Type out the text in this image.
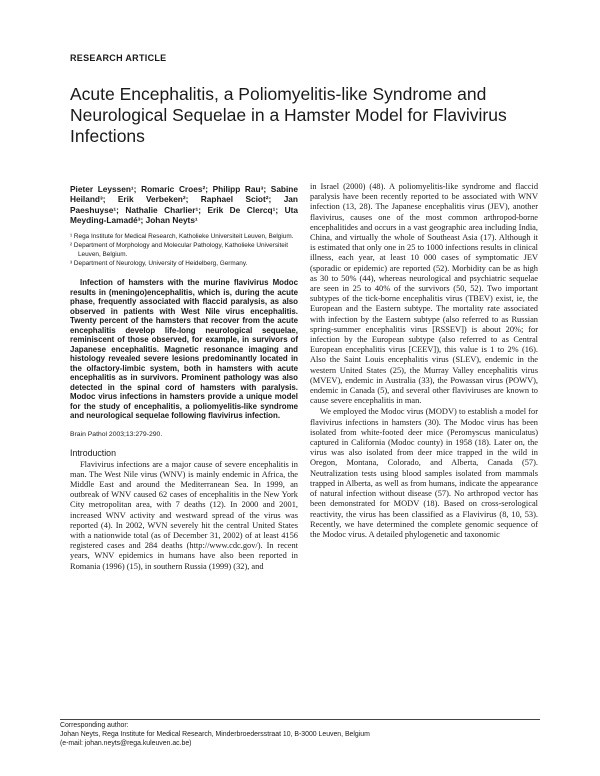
RESEARCH ARTICLE
Acute Encephalitis, a Poliomyelitis-like Syndrome and Neurological Sequelae in a Hamster Model for Flavivirus Infections

Pieter Leyssen¹; Romaric Croes²; Philipp Rau³; Sabine Heiland³; Erik Verbeken²; Raphael Sciot²; Jan Paeshuyse¹; Nathalie Charlier¹; Erik De Clercq¹; Uta Meyding-Lamadé³; Johan Neyts¹

¹ Rega Institute for Medical Research, Katholieke Universiteit Leuven, Belgium.

² Department of Morphology and Molecular Pathology, Katholieke Universiteit Leuven, Belgium.

³ Department of Neurology, University of Heidelberg, Germany.

Infection of hamsters with the murine flavivirus Modoc results in (meningo)encephalitis, which is, during the acute phase, frequently associated with flaccid paralysis, as also observed in patients with West Nile virus encephalitis. Twenty percent of the hamsters that recover from the acute encephalitis develop life-long neurological sequelae, reminiscent of those observed, for example, in survivors of Japanese encephalitis. Magnetic resonance imaging and histology revealed severe lesions predominantly located in the olfactory-limbic system, both in hamsters with acute encephalitis as in survivors. Prominent pathology was also detected in the spinal cord of hamsters with paralysis. Modoc virus infections in hamsters provide a unique model for the study of encephalitis, a poliomyelitis-like syndrome and neurological sequelae following flavivirus infection.

Brain Pathol 2003;13:279-290.

Introduction

Flavivirus infections are a major cause of severe encephalitis in man. The West Nile virus (WNV) is mainly endemic in Africa, the Middle East and around the Mediterranean Sea. In 1999, an outbreak of WNV caused 62 cases of encephalitis in the New York City metropolitan area, with 7 deaths (12). In 2000 and 2001, increased WNV activity and westward spread of the virus was reported (4). In 2002, WVN severely hit the central United States with a nationwide total (as of December 31, 2002) of at least 4156 registered cases and 284 deaths (http://www.cdc.gov/). In recent years, WNV epidemics in humans have also been reported in Romania (1996) (15), in southern Russia (1999) (32), and

in Israel (2000) (48). A poliomyelitis-like syndrome and flaccid paralysis have been recently reported to be associated with WNV infection (13, 28). The Japanese encephalitis virus (JEV), another flavivirus, causes one of the most common arthropod-borne encephalitides and occurs in a vast geographic area including India, China, and virtually the whole of Southeast Asia (17). Although it is estimated that only one in 25 to 1000 infections results in clinical illness, each year, at least 10 000 cases of symptomatic JEV (sporadic or epidemic) are reported (52). Morbidity can be as high as 30 to 50% (44), whereas neurological and psychiatric sequelae are seen in 25 to 40% of the survivors (50, 52). Two important subtypes of the tick-borne encephalitis virus (TBEV) exist, ie, the European and the Eastern subtype. The mortality rate associated with infection by the Eastern subtype (also referred to as Russian spring-summer encephalitis virus [RSSEV]) is about 20%; for infection by the European subtype (also referred to as Central European encephalitis virus [CEEV]), this value is 1 to 2% (16). Also the Saint Louis encephalitis virus (SLEV), endemic in the western United States (25), the Murray Valley encephalitis virus (MVEV), endemic in Australia (33), the Powassan virus (POWV), endemic in Canada (5), and several other flaviviruses are known to cause severe encephalitis in man.

We employed the Modoc virus (MODV) to establish a model for flavivirus infections in hamsters (30). The Modoc virus has been isolated from white-footed deer mice (Peromyscus maniculatus) captured in California (Modoc county) in 1958 (18). Later on, the virus was also isolated from deer mice trapped in the wild in Oregon, Montana, Colorado, and Alberta, Canada (57). Neutralization tests using blood samples isolated from mammals trapped in Alberta, as well as from humans, indicate the appearance of natural infection without disease (57). No arthropod vector has been demonstrated for MODV (18). Based on cross-serological reactivity, the virus has been classified as a Flavivirus (8, 10, 53). Recently, we have determined the complete genomic sequence of the Modoc virus. A detailed phylogenetic and taxonomic

Corresponding author:
Johan Neyts, Rega Institute for Medical Research, Minderbroedersstraat 10, B-3000 Leuven, Belgium
(e-mail: johan.neyts@rega.kuleuven.ac.be)
